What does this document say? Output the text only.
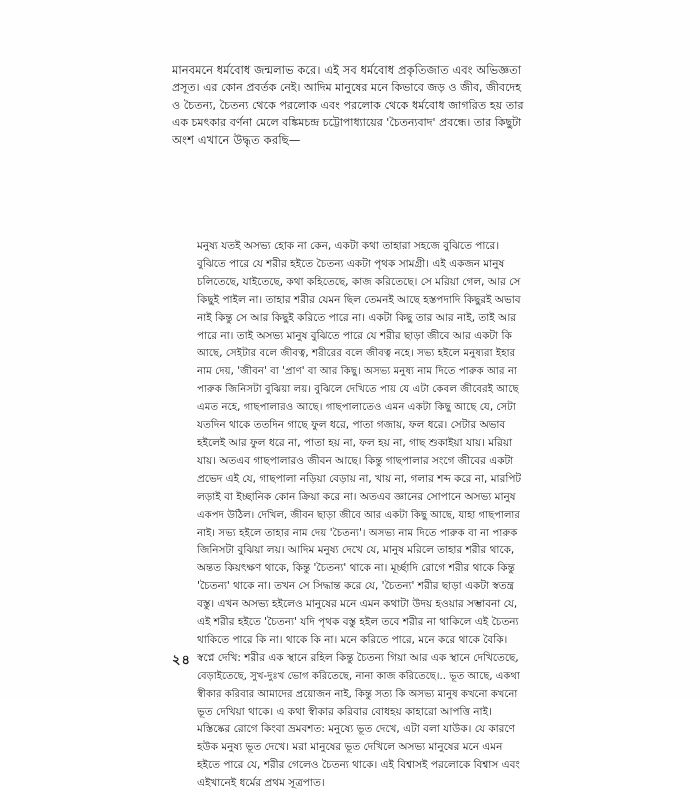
মানবমনে ধর্মবোধ জন্মলাভ করে। এই সব ধর্মবোধ প্রকৃতিজাত এবং অভিজ্ঞতা
প্রসূত। এর কোন প্রবর্তক নেই। আদিম মানুষের মনে কিভাবে জড় ও জীব, জীবদেহ
ও চৈতন্য, চৈতন্য থেকে পরলোক এবং পরলোক থেকে ধর্মবোধ জাগরিত হয় তার
এক চমৎকার বর্ণনা মেলে বঙ্কিমচন্দ্র চট্টোপাধ্যায়ের 'চৈতন্যবাদ' প্রবন্ধে। তার কিছুটা
অংশ এখানে উদ্ধৃত করছি—
মনুষ্য যতই অসভ্য হোক না কেন, একটা কথা তাহারা সহজে বুঝিতে পারে।
বুঝিতে পারে যে শরীর হইতে চৈতন্য একটা পৃথক সামগ্রী। এই একজন মানুষ
চলিতেছে, যাইতেছে, কথা কহিতেছে, কাজ করিতেছে। সে মরিয়া গেল, আর সে
কিছুই পাইল না। তাহার শরীর যেমন ছিল তেমনই আছে হস্তপদাদি কিছুরই অভাব
নাই কিন্তু সে আর কিছুই করিতে পারে না। একটা কিছু তার আর নাই, তাই আর
পারে না। তাই অসভ্য মানুষ বুঝিতে পারে যে শরীর ছাড়া জীবে আর একটা কি
আছে, সেইটার বলে জীবত্ব, শরীরের বলে জীবত্ব নহে। সভ্য হইলে মনুষ্যরা ইহার
নাম দেয়, 'জীবন' বা 'প্রাণ' বা আর কিছু। অসভ্য মনুষ্য নাম দিতে পারুক আর না
পারুক জিনিসটা বুঝিয়া লয়। বুঝিলে দেখিতে পায় যে এটা কেবল জীবেরই আছে
এমত নহে, গাছপালারও আছে। গাছপালাতেও এমন একটা কিছু আছে যে, সেটা
যতদিন থাকে ততদিন গাছে ফুল ধরে, পাতা গজায়, ফল ধরে। সেটার অভাব
হইলেই আর ফুল ধরে না, পাতা হয় না, ফল হয় না, গাছ শুকাইয়া যায়। মরিয়া
যায়। অতএব গাছপালারও জীবন আছে। কিন্তু গাছপালার সংগে জীবের একটা
প্রভেদ এই যে, গাছপালা নড়িয়া বেড়ায় না, খায় না, গলার শব্দ করে না, মারপিট
লড়াই বা ইচ্ছানিক কোন ক্রিয়া করে না। অতএব জ্ঞানের সোপানে অসভ্য মানুষ
একপদ উঠিল। দেখিল, জীবন ছাড়া জীবে আর একটা কিছু আছে, যাহা গাছপালার
নাই। সভ্য হইলে তাহার নাম দেয় 'চৈতন্য'। অসভ্য নাম দিতে পারুক বা না পারুক
জিনিসটা বুঝিয়া লয়। আদিম মনুষ্য দেখে যে, মানুষ মরিলে তাহার শরীর থাকে,
অন্তত কিয়ৎক্ষণ থাকে, কিন্তু 'চৈতন্য' থাকে না। মূর্চ্ছাদি রোগে শরীর থাকে কিন্তু
'চৈতন্য' থাকে না। তখন সে সিদ্ধান্ত করে যে, 'চৈতন্য' শরীর ছাড়া একটা স্বতন্ত্র
বস্তু। এখন অসভ্য হইলেও মানুষের মনে এমন কথাটা উদয় হওয়ার সম্ভাবনা যে,
এই শরীর হইতে 'চৈতন্য' যদি পৃথক বস্তু হইল তবে শরীর না থাকিলে এই চৈতন্য
থাকিতে পারে কি না। থাকে কি না। মনে করিতে পারে, মনে করে থাকে বৈকি।
স্বপ্নে দেখি: শরীর এক স্থানে রহিল কিন্তু চৈতন্য গিয়া আর এক স্থানে দেখিতেছে,
বেড়াইতেছে, সুখ-দুঃখ ভোগ করিতেছে, নানা কাজ করিতেছে।.. ভূত আছে, একথা
স্বীকার করিবার আমাদের প্রয়োজন নাই, কিন্তু সত্য কি অসভ্য মানুষ কখনো কখনো
ভূত দেখিয়া থাকে। এ কথা স্বীকার করিবার বোধহয় কাহারো আপত্তি নাই।
মস্তিষ্কের রোগে কিংবা ভ্রমবশত: মনুষ্যে ভূত দেখে, এটা বলা যাউক। যে কারণে
হউক মনুষ্য ভূত দেখে। মরা মানুষের ভূত দেখিলে অসভ্য মানুষের মনে এমন
হইতে পারে যে, শরীর গেলেও চৈতন্য থাকে। এই বিশ্বাসই পরলোকে বিশ্বাস এবং
এইখানেই ধর্মের প্রথম সূত্রপাত।
২৪
